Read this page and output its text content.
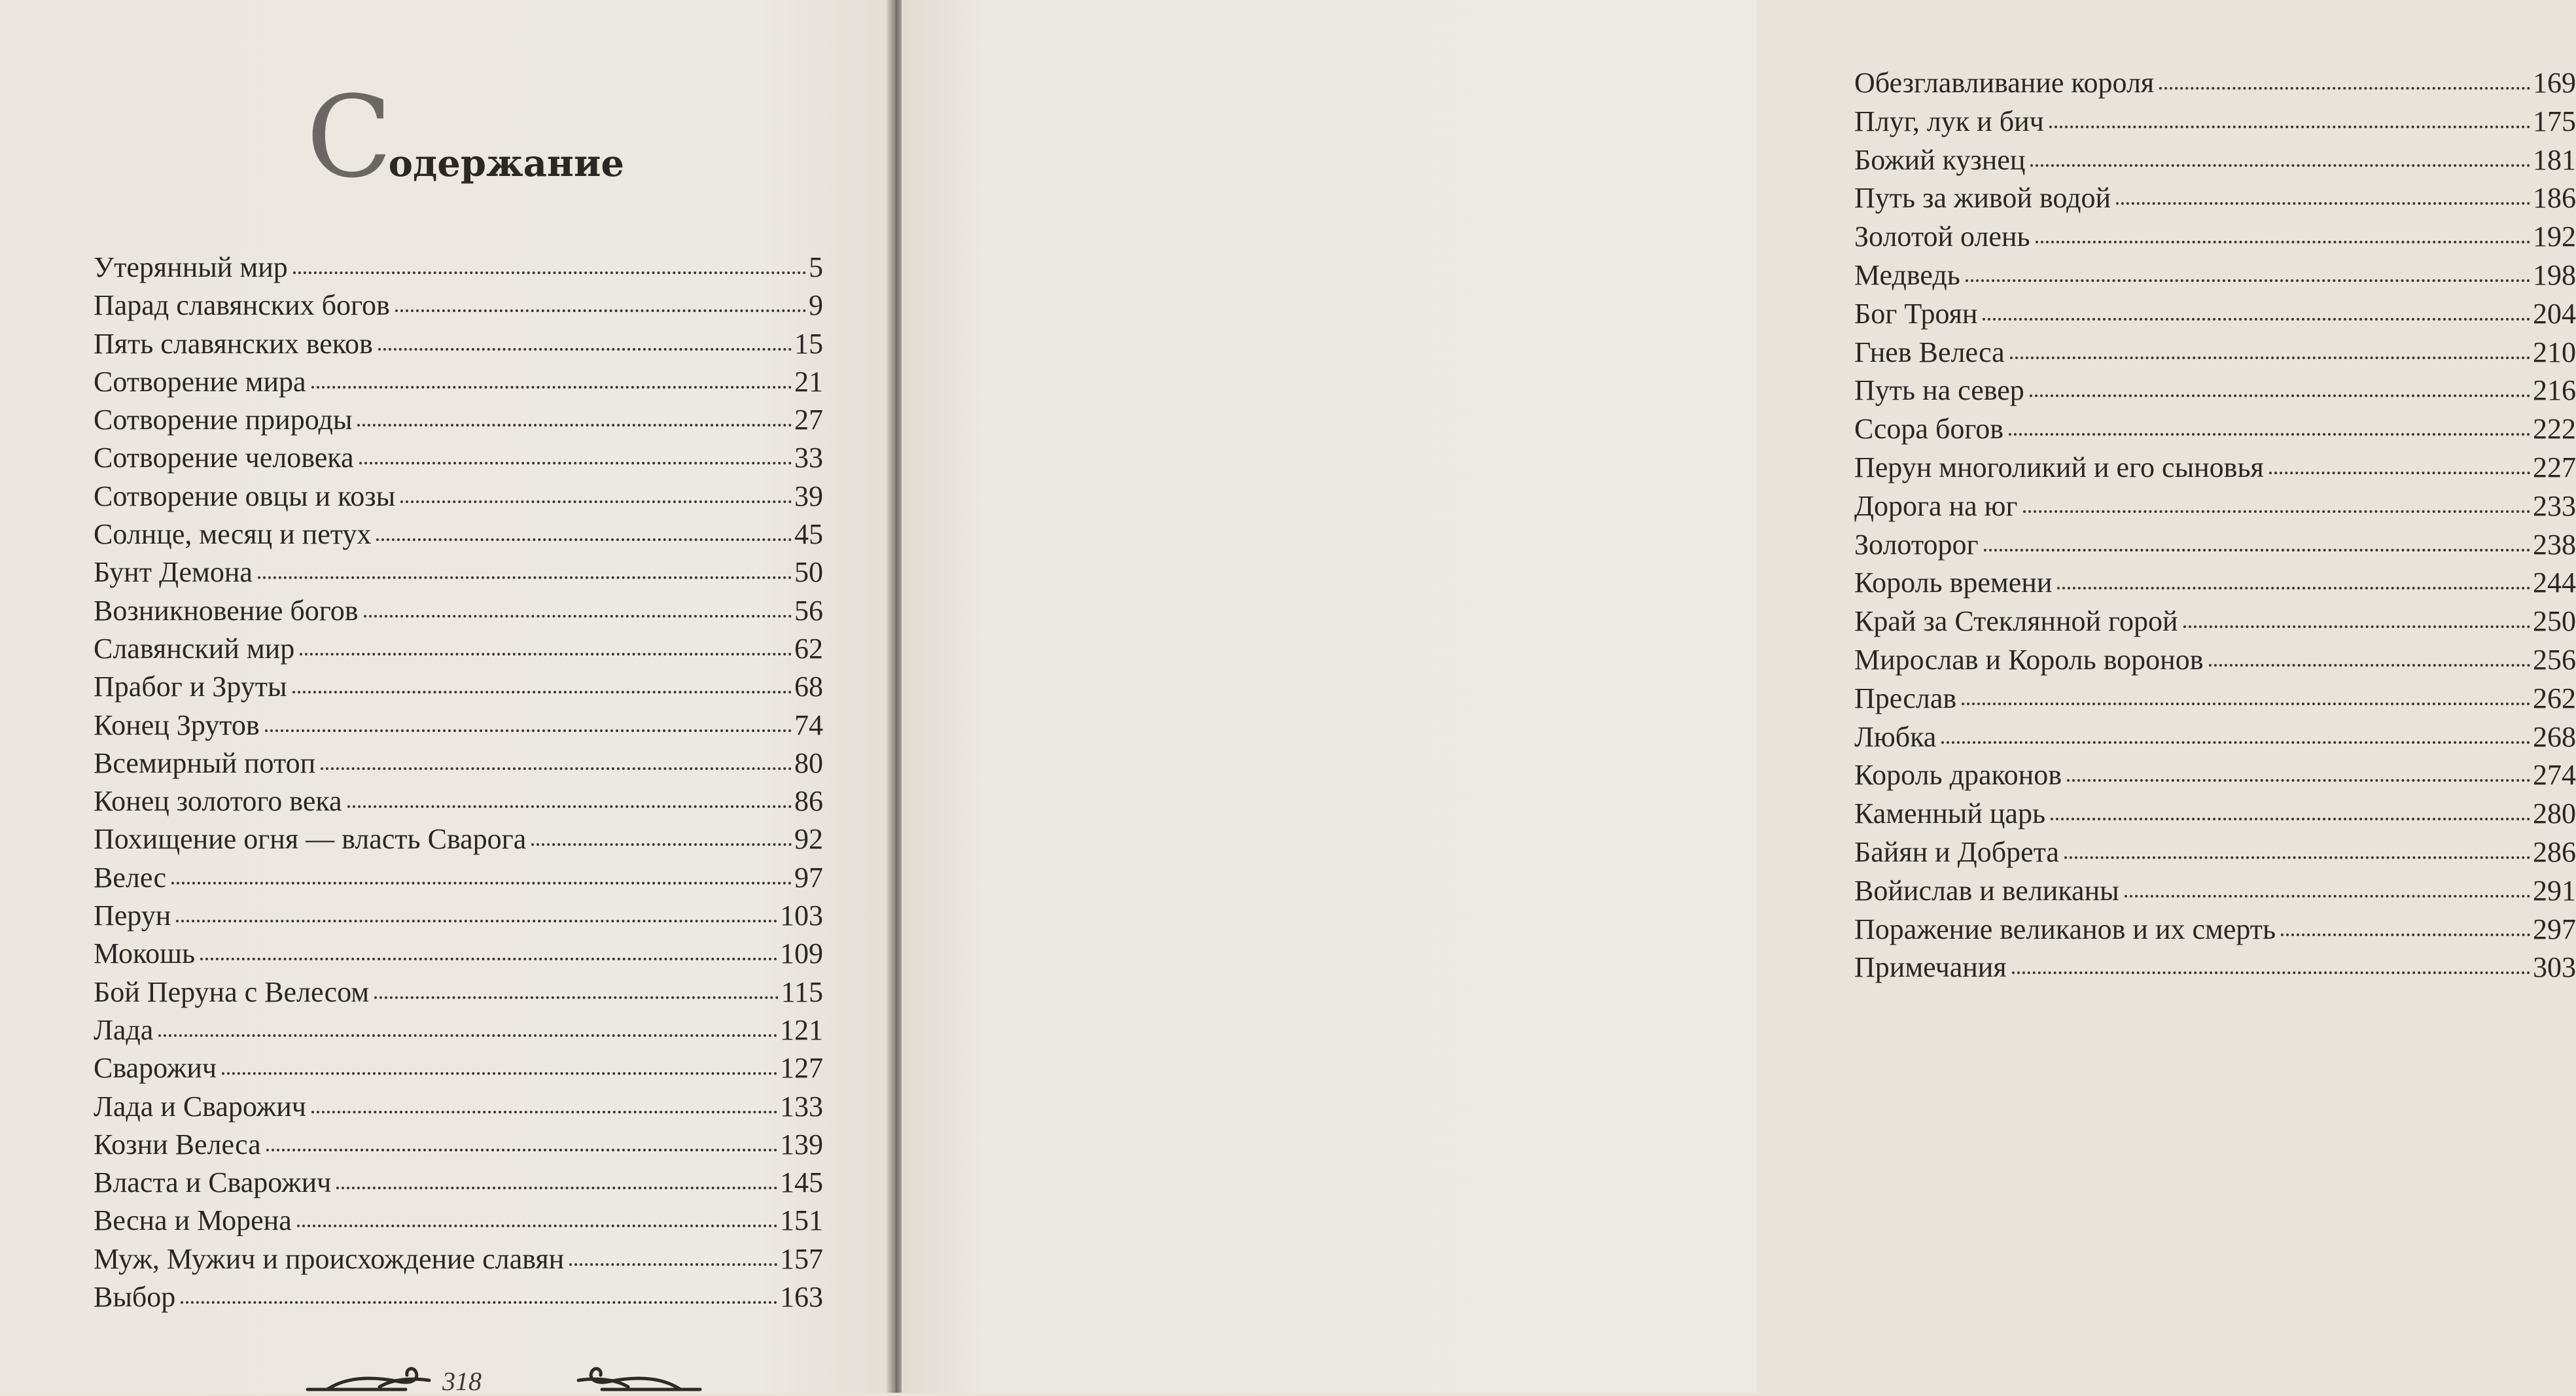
С
одержание
Утерянный мир	5
Парад славянских богов	9
Пять славянских веков	15
Сотворение мира	21
Сотворение природы	27
Сотворение человека	33
Сотворение овцы и козы	39
Солнце, месяц и петух	45
Бунт Демона	50
Возникновение богов	56
Славянский мир	62
Прабог и Зруты	68
Конец Зрутов	74
Всемирный потоп	80
Конец золотого века	86
Похищение огня — власть Сварога	92
Велес	97
Перун	103
Мокошь	109
Бой Перуна с Велесом	115
Лада	121
Сварожич	127
Лада и Сварожич	133
Козни Велеса	139
Власта и Сварожич	145
Весна и Морена	151
Муж, Мужич и происхождение славян	157
Выбор	163
318
Обезглавливание короля	169
Плуг, лук и бич	175
Божий кузнец	181
Путь за живой водой	186
Золотой олень	192
Медведь	198
Бог Троян	204
Гнев Велеса	210
Путь на север	216
Ссора богов	222
Перун многоликий и его сыновья	227
Дорога на юг	233
Золоторог	238
Король времени	244
Край за Стеклянной горой	250
Мирослав и Король воронов	256
Преслав	262
Любка	268
Король драконов	274
Каменный царь	280
Байян и Добрета	286
Войислав и великаны	291
Поражение великанов и их смерть	297
Примечания	303
